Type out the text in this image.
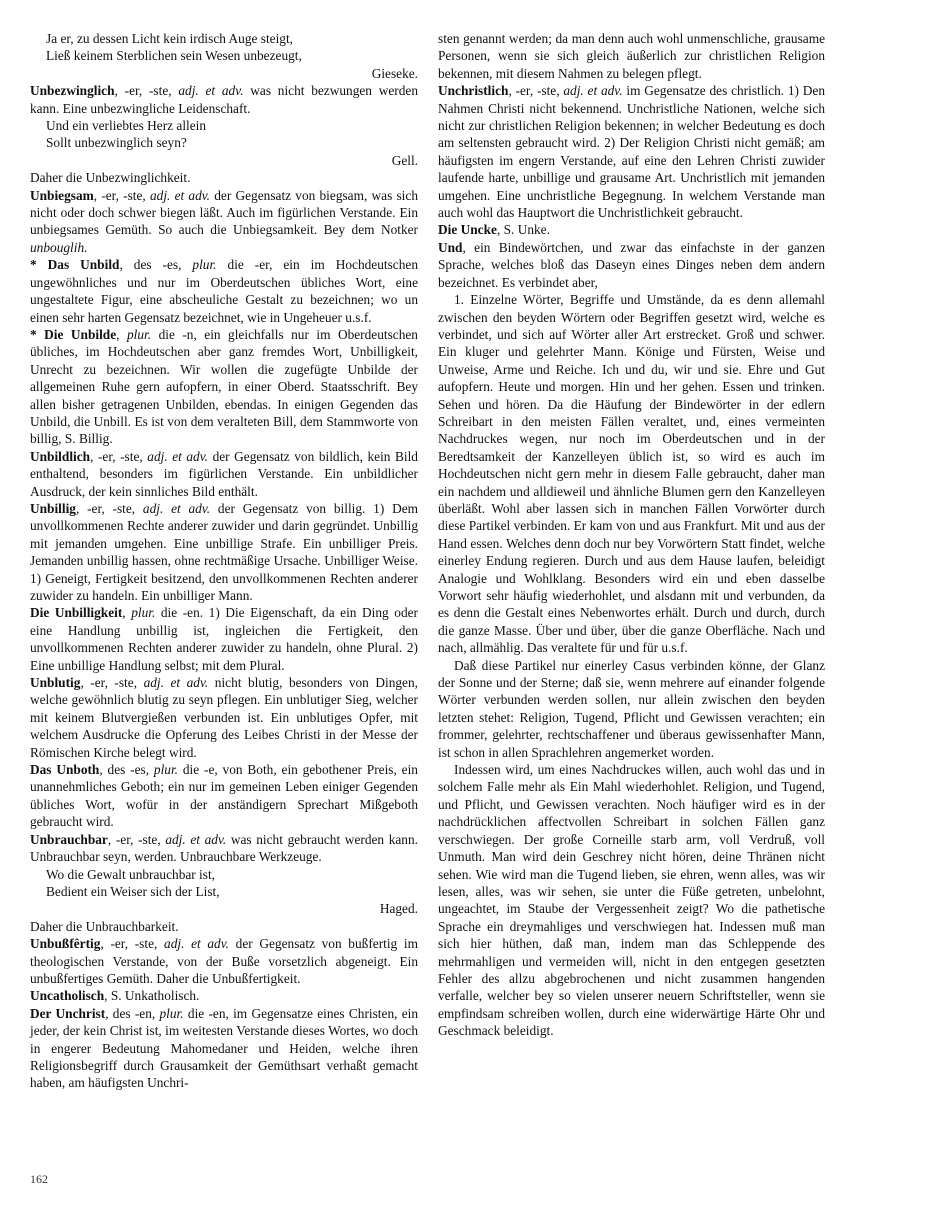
Ja er, zu dessen Licht kein irdisch Auge steigt,

Ließ keinem Sterblichen sein Wesen unbezeugt,

Gieseke.

Unbezwinglich, -er, -ste, adj. et adv. was nicht bezwungen werden kann. Eine unbezwingliche Leidenschaft.

Und ein verliebtes Herz allein

Sollt unbezwinglich seyn?

Gell.

Daher die Unbezwinglichkeit.

Unbiegsam, -er, -ste, adj. et adv. der Gegensatz von biegsam, was sich nicht oder doch schwer biegen läßt. Auch im figürlichen Verstande. Ein unbiegsames Gemüth. So auch die Unbiegsamkeit. Bey dem Notker unbouglih.

* Das Unbild, des -es, plur. die -er, ein im Hochdeutschen ungewöhnliches und nur im Oberdeutschen übliches Wort, eine ungestaltete Figur, eine abscheuliche Gestalt zu bezeichnen; wo un einen sehr harten Gegensatz bezeichnet, wie in Ungeheuer u.s.f.

* Die Unbilde, plur. die -n, ein gleichfalls nur im Oberdeutschen übliches, im Hochdeutschen aber ganz fremdes Wort, Unbilligkeit, Unrecht zu bezeichnen. Wir wollen die zugefügte Unbilde der allgemeinen Ruhe gern aufopfern, in einer Oberd. Staatsschrift. Bey allen bisher getragenen Unbilden, ebendas. In einigen Gegenden das Unbild, die Unbill. Es ist von dem veralteten Bill, dem Stammworte von billig, S. Billig.

Unbildlich, -er, -ste, adj. et adv. der Gegensatz von bildlich, kein Bild enthaltend, besonders im figürlichen Verstande. Ein unbildlicher Ausdruck, der kein sinnliches Bild enthält.

Unbillig, -er, -ste, adj. et adv. der Gegensatz von billig. 1) Dem unvollkommenen Rechte anderer zuwider und darin gegründet. Unbillig mit jemanden umgehen. Eine unbillige Strafe. Ein unbilliger Preis. Jemanden unbillig hassen, ohne rechtmäßige Ursache. Unbilliger Weise. 1) Geneigt, Fertigkeit besitzend, den unvollkommenen Rechten anderer zuwider zu handeln. Ein unbilliger Mann.

Die Unbilligkeit, plur. die -en. 1) Die Eigenschaft, da ein Ding oder eine Handlung unbillig ist, ingleichen die Fertigkeit, den unvollkommenen Rechten anderer zuwider zu handeln, ohne Plural. 2) Eine unbillige Handlung selbst; mit dem Plural.

Unblutig, -er, -ste, adj. et adv. nicht blutig, besonders von Dingen, welche gewöhnlich blutig zu seyn pflegen. Ein unblutiger Sieg, welcher mit keinem Blutvergießen verbunden ist. Ein unblutiges Opfer, mit welchem Ausdrucke die Opferung des Leibes Christi in der Messe der Römischen Kirche belegt wird.

Das Unboth, des -es, plur. die -e, von Both, ein gebothener Preis, ein unannehmliches Geboth; ein nur im gemeinen Leben einiger Gegenden übliches Wort, wofür in der anständigern Sprechart Mißgeboth gebraucht wird.

Unbrauchbar, -er, -ste, adj. et adv. was nicht gebraucht werden kann. Unbrauchbar seyn, werden. Unbrauchbare Werkzeuge.

Wo die Gewalt unbrauchbar ist,

Bedient ein Weiser sich der List,

Haged.

Daher die Unbrauchbarkeit.

Unbußfêrtig, -er, -ste, adj. et adv. der Gegensatz von bußfertig im theologischen Verstande, von der Buße vorsetzlich abgeneigt. Ein unbußfertiges Gemüth. Daher die Unbußfertigkeit.

Uncatholisch, S. Unkatholisch.

Der Unchrist, des -en, plur. die -en, im Gegensatze eines Christen, ein jeder, der kein Christ ist, im weitesten Verstande dieses Wortes, wo doch in engerer Bedeutung Mahomedaner und Heiden, welche ihren Religionsbegriff durch Grausamkeit der Gemüthsart verhaßt gemacht haben, am häufigsten Unchri-

sten genannt werden; da man denn auch wohl unmenschliche, grausame Personen, wenn sie sich gleich äußerlich zur christlichen Religion bekennen, mit diesem Nahmen zu belegen pflegt.

Unchristlich, -er, -ste, adj. et adv. im Gegensatze des christlich. 1) Den Nahmen Christi nicht bekennend. Unchristliche Nationen, welche sich nicht zur christlichen Religion bekennen; in welcher Bedeutung es doch am seltensten gebraucht wird. 2) Der Religion Christi nicht gemäß; am häufigsten im engern Verstande, auf eine den Lehren Christi zuwider laufende harte, unbillige und grausame Art. Unchristlich mit jemanden umgehen. Eine unchristliche Begegnung. In welchem Verstande man auch wohl das Hauptwort die Unchristlichkeit gebraucht.

Die Uncke, S. Unke.

Und, ein Bindewörtchen, und zwar das einfachste in der ganzen Sprache, welches bloß das Daseyn eines Dinges neben dem andern bezeichnet. Es verbindet aber,

1. Einzelne Wörter, Begriffe und Umstände, da es denn allemahl zwischen den beyden Wörtern oder Begriffen gesetzt wird, welche es verbindet, und sich auf Wörter aller Art erstrecket. Groß und schwer. Ein kluger und gelehrter Mann. Könige und Fürsten, Weise und Unweise, Arme und Reiche. Ich und du, wir und sie. Ehre und Gut aufopfern. Heute und morgen. Hin und her gehen. Essen und trinken. Sehen und hören. Da die Häufung der Bindewörter in der edlern Schreibart in den meisten Fällen veraltet, und, eines vermeinten Nachdruckes wegen, nur noch im Oberdeutschen und in der Beredtsamkeit der Kanzelleyen üblich ist, so wird es auch im Hochdeutschen nicht gern mehr in diesem Falle gebraucht, daher man ein nachdem und alldieweil und ähnliche Blumen gern den Kanzelleyen überläßt. Wohl aber lassen sich in manchen Fällen Vorwörter durch diese Partikel verbinden. Er kam von und aus Frankfurt. Mit und aus der Hand essen. Welches denn doch nur bey Vorwörtern Statt findet, welche einerley Endung regieren. Durch und aus dem Hause laufen, beleidigt Analogie und Wohlklang. Besonders wird ein und eben dasselbe Vorwort sehr häufig wiederhohlet, und alsdann mit und verbunden, da es denn die Gestalt eines Nebenwortes erhält. Durch und durch, durch die ganze Masse. Über und über, über die ganze Oberfläche. Nach und nach, allmählig. Das veraltete für und für u.s.f.

Daß diese Partikel nur einerley Casus verbinden könne, der Glanz der Sonne und der Sterne; daß sie, wenn mehrere auf einander folgende Wörter verbunden werden sollen, nur allein zwischen den beyden letzten stehet: Religion, Tugend, Pflicht und Gewissen verachten; ein frommer, gelehrter, rechtschaffener und überaus gewissenhafter Mann, ist schon in allen Sprachlehren angemerket worden.

Indessen wird, um eines Nachdruckes willen, auch wohl das und in solchem Falle mehr als Ein Mahl wiederhohlet. Religion, und Tugend, und Pflicht, und Gewissen verachten. Noch häufiger wird es in der nachdrücklichen affectvollen Schreibart in solchen Fällen ganz verschwiegen. Der große Corneille starb arm, voll Verdruß, voll Unmuth. Man wird dein Geschrey nicht hören, deine Thränen nicht sehen. Wie wird man die Tugend lieben, sie ehren, wenn alles, was wir lesen, alles, was wir sehen, sie unter die Füße getreten, unbelohnt, ungeachtet, im Staube der Vergessenheit zeigt? Wo die pathetische Sprache ein dreymahliges und verschwiegen hat. Indessen muß man sich hier hüthen, daß man, indem man das Schleppende des mehrmahligen und vermeiden will, nicht in den entgegen gesetzten Fehler des allzu abgebrochenen und nicht zusammen hangenden verfalle, welcher bey so vielen unserer neuern Schriftsteller, wenn sie empfindsam schreiben wollen, durch eine widerwärtige Härte Ohr und Geschmack beleidigt.

162
